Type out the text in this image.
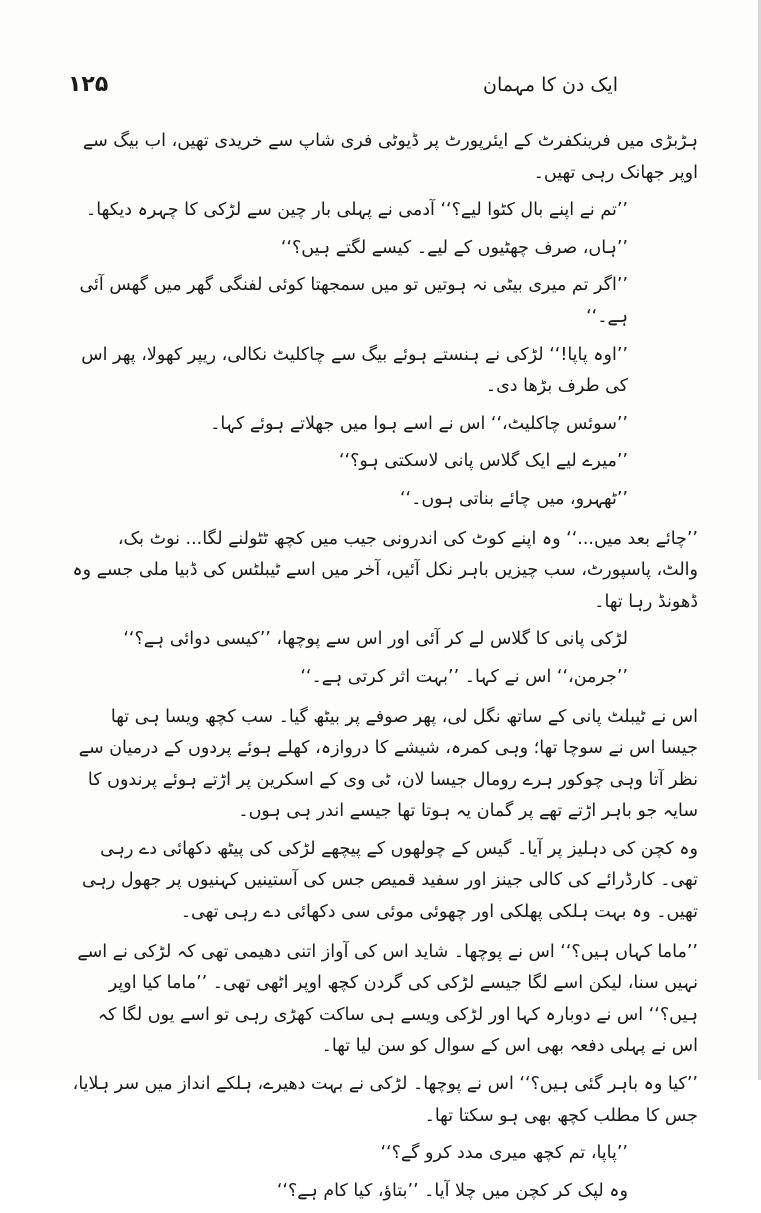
۱۲۵	ایک دن کا مہمان

ہڑبڑی میں فرینکفرٹ کے ایئرپورٹ پر ڈیوٹی فری شاپ سے خریدی تھیں، اب بیگ سے اوپر جھانک رہی تھیں۔

’’تم نے اپنے بال کٹوا لیے؟‘‘ آدمی نے پہلی بار چین سے لڑکی کا چہرہ دیکھا۔

’’ہاں، صرف چھٹیوں کے لیے۔ کیسے لگتے ہیں؟‘‘

’’اگر تم میری بیٹی نہ ہوتیں تو میں سمجھتا کوئی لفنگی گھر میں گھس آئی ہے۔‘‘

’’اوہ پاپا!‘‘ لڑکی نے ہنستے ہوئے بیگ سے چاکلیٹ نکالی، ریپر کھولا، پھر اس کی طرف بڑھا دی۔

’’سوئس چاکلیٹ،‘‘ اس نے اسے ہوا میں جھلاتے ہوئے کہا۔

’’میرے لیے ایک گلاس پانی لاسکتی ہو؟‘‘

’’ٹھہرو، میں چائے بناتی ہوں۔‘‘

’’چائے بعد میں...‘‘ وہ اپنے کوٹ کی اندرونی جیب میں کچھ ٹٹولنے لگا... نوٹ بک، والٹ، پاسپورٹ، سب چیزیں باہر نکل آئیں، آخر میں اسے ٹیبلٹس کی ڈبیا ملی جسے وہ ڈھونڈ رہا تھا۔

لڑکی پانی کا گلاس لے کر آئی اور اس سے پوچھا، ’’کیسی دوائی ہے؟‘‘

’’جرمن،‘‘ اس نے کہا۔ ’’بہت اثر کرتی ہے۔‘‘

اس نے ٹیبلٹ پانی کے ساتھ نگل لی، پھر صوفے پر بیٹھ گیا۔ سب کچھ ویسا ہی تھا جیسا اس نے سوچا تھا؛ وہی کمرہ، شیشے کا دروازہ، کھلے ہوئے پردوں کے درمیان سے نظر آتا وہی چوکور ہرے رومال جیسا لان، ٹی وی کے اسکرین پر اڑتے ہوئے پرندوں کا سایہ جو باہر اڑتے تھے پر گمان یہ ہوتا تھا جیسے اندر ہی ہوں۔

وہ کچن کی دہلیز پر آیا۔ گیس کے چولھوں کے پیچھے لڑکی کی پیٹھ دکھائی دے رہی تھی۔ کارڈرائے کی کالی جینز اور سفید قمیص جس کی آستینیں کہنیوں پر جھول رہی تھیں۔ وہ بہت ہلکی پھلکی اور چھوئی موئی سی دکھائی دے رہی تھی۔

’’ماما کہاں ہیں؟‘‘ اس نے پوچھا۔ شاید اس کی آواز اتنی دھیمی تھی کہ لڑکی نے اسے نہیں سنا، لیکن اسے لگا جیسے لڑکی کی گردن کچھ اوپر اٹھی تھی۔ ’’ماما کیا اوپر ہیں؟‘‘ اس نے دوبارہ کہا اور لڑکی ویسے ہی ساکت کھڑی رہی تو اسے یوں لگا کہ اس نے پہلی دفعہ بھی اس کے سوال کو سن لیا تھا۔

’’کیا وہ باہر گئی ہیں؟‘‘ اس نے پوچھا۔ لڑکی نے بہت دھیرے، ہلکے انداز میں سر ہلایا، جس کا مطلب کچھ بھی ہو سکتا تھا۔

’’پاپا، تم کچھ میری مدد کرو گے؟‘‘

وہ لپک کر کچن میں چلا آیا۔ ’’بتاؤ، کیا کام ہے؟‘‘
